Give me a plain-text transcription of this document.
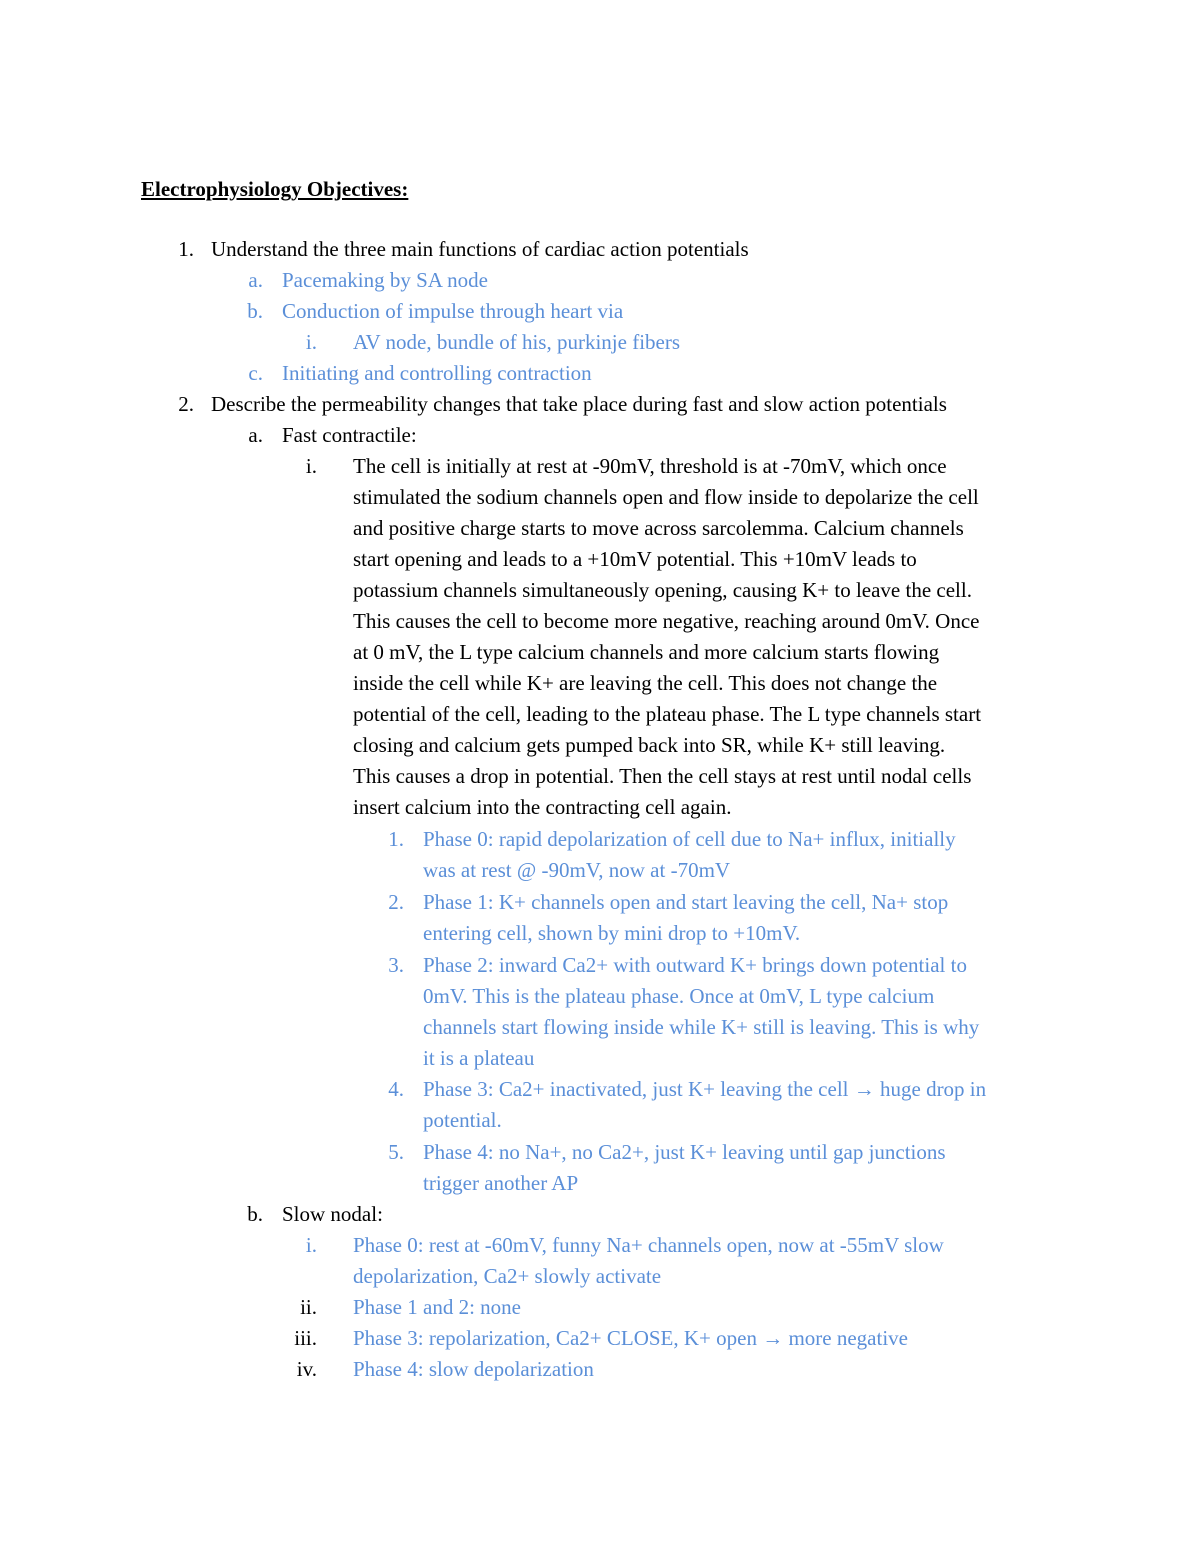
Electrophysiology Objectives:
1. Understand the three main functions of cardiac action potentials
a. Pacemaking by SA node
b. Conduction of impulse through heart via
i. AV node, bundle of his, purkinje fibers
c. Initiating and controlling contraction
2. Describe the permeability changes that take place during fast and slow action potentials
a. Fast contractile:
i. The cell is initially at rest at -90mV, threshold is at -70mV, which once
stimulated the sodium channels open and flow inside to depolarize the cell
and positive charge starts to move across sarcolemma. Calcium channels
start opening and leads to a +10mV potential. This +10mV leads to
potassium channels simultaneously opening, causing K+ to leave the cell.
This causes the cell to become more negative, reaching around 0mV. Once
at 0 mV, the L type calcium channels and more calcium starts flowing
inside the cell while K+ are leaving the cell. This does not change the
potential of the cell, leading to the plateau phase. The L type channels start
closing and calcium gets pumped back into SR, while K+ still leaving.
This causes a drop in potential. Then the cell stays at rest until nodal cells
insert calcium into the contracting cell again.
1. Phase 0: rapid depolarization of cell due to Na+ influx, initially
was at rest @ -90mV, now at -70mV
2. Phase 1: K+ channels open and start leaving the cell, Na+ stop
entering cell, shown by mini drop to +10mV.
3. Phase 2: inward Ca2+ with outward K+ brings down potential to
0mV. This is the plateau phase. Once at 0mV, L type calcium
channels start flowing inside while K+ still is leaving. This is why
it is a plateau
4. Phase 3: Ca2+ inactivated, just K+ leaving the cell → huge drop in
potential.
5. Phase 4: no Na+, no Ca2+, just K+ leaving until gap junctions
trigger another AP
b. Slow nodal:
i. Phase 0: rest at -60mV, funny Na+ channels open, now at -55mV slow
depolarization, Ca2+ slowly activate
ii. Phase 1 and 2: none
iii. Phase 3: repolarization, Ca2+ CLOSE, K+ open → more negative
iv. Phase 4: slow depolarization
